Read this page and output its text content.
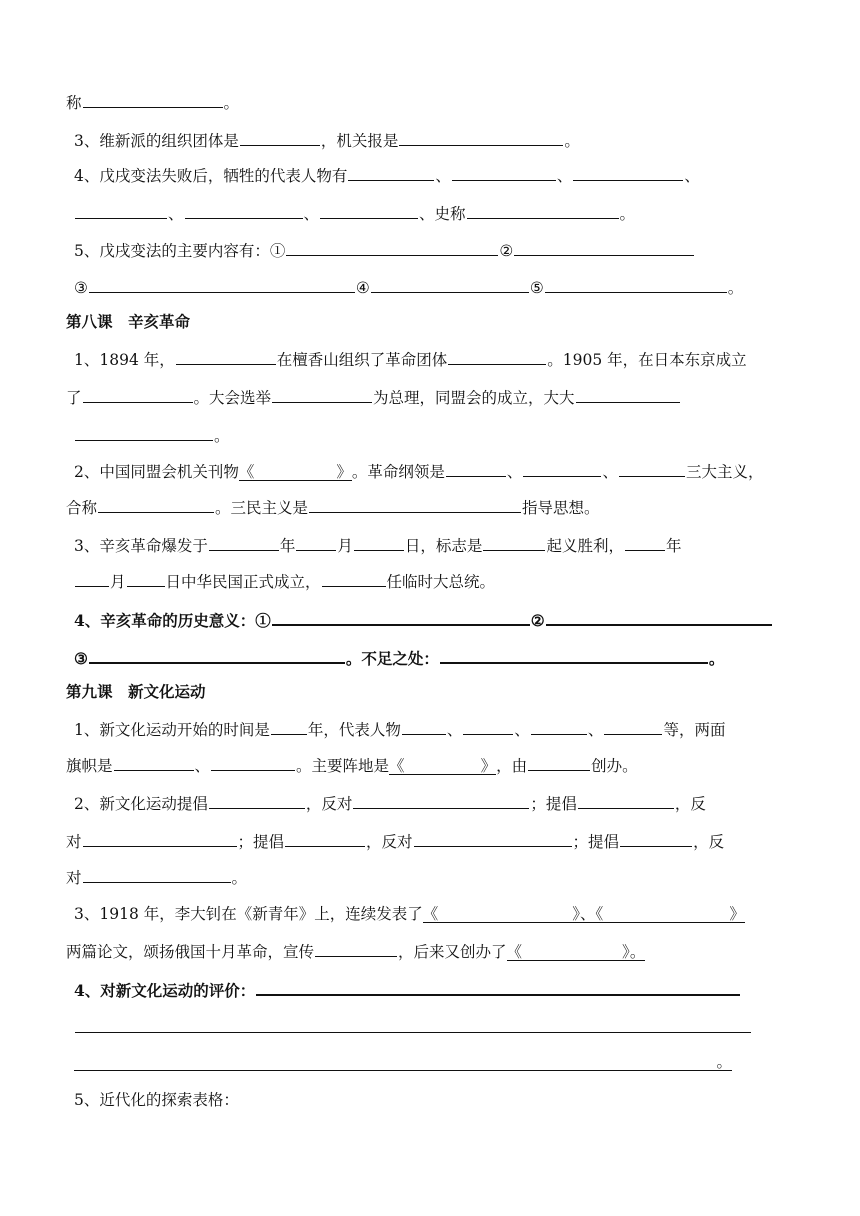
称	。
3、维新派的组织团体是	，机关报是	。
4、戊戌变法失败后，牺牲的代表人物有	、	、	、
、	、	、史称	。
5、戊戌变法的主要内容有：①	②
③	④	⑤	。
第八课　辛亥革命
1、1894 年，	在檀香山组织了革命团体	。1905 年，在日本东京成立
了	。大会选举	为总理，同盟会的成立，大大
。
2、中国同盟会机关刊物《	》。革命纲领是	、	、	三大主义，
合称	。三民主义是	指导思想。
3、辛亥革命爆发于	年	月	日，标志是	起义胜利，	年
月	日中华民国正式成立，	任临时大总统。
4、辛亥革命的历史意义：①	②
③	。不足之处：	。
第九课　新文化运动
1、新文化运动开始的时间是 年，代表人物	、	、	、	等，两面
旗帜是	、	。主要阵地是《	》，由	创办。
2、新文化运动提倡	，反对	；提倡	，反
对	；提倡	，反对	；提倡	，反
对	。
3、1918 年，李大钊在《新青年》上，连续发表了《	》、《	》
两篇论文，颂扬俄国十月革命，宣传	，后来又创办了《	》。
4、对新文化运动的评价：
。
5、近代化的探索表格：
